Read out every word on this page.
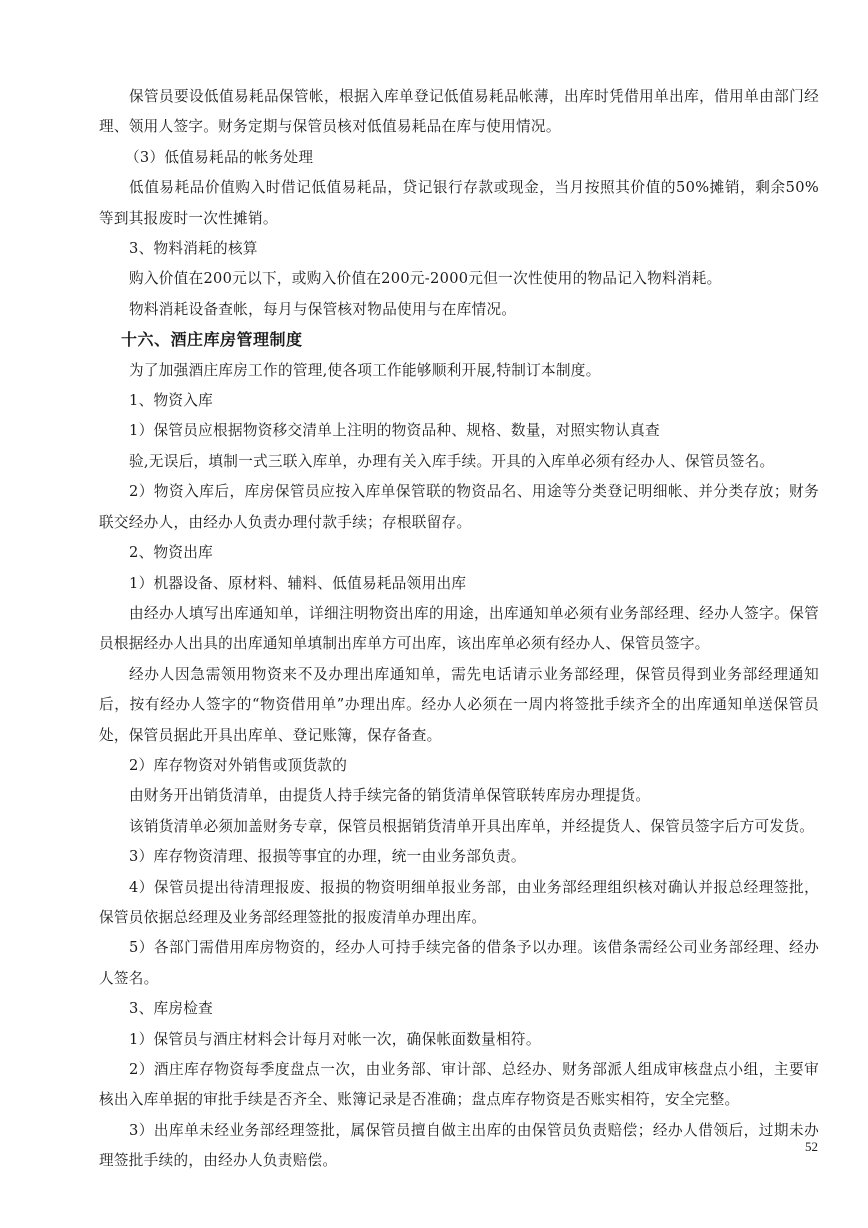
保管员要设低值易耗品保管帐，根据入库单登记低值易耗品帐薄，出库时凭借用单出库，借用单由部门经理、领用人签字。财务定期与保管员核对低值易耗品在库与使用情况。

（3）低值易耗品的帐务处理

低值易耗品价值购入时借记低值易耗品，贷记银行存款或现金，当月按照其价值的50%摊销，剩余50%等到其报废时一次性摊销。

3、物料消耗的核算

购入价值在200元以下，或购入价值在200元-2000元但一次性使用的物品记入物料消耗。

物料消耗设备查帐，每月与保管核对物品使用与在库情况。

十六、酒庄库房管理制度

为了加强酒庄库房工作的管理,使各项工作能够顺利开展,特制订本制度。

1、物资入库

1）保管员应根据物资移交清单上注明的物资品种、规格、数量，对照实物认真查

验,无误后，填制一式三联入库单，办理有关入库手续。开具的入库单必须有经办人、保管员签名。

2）物资入库后，库房保管员应按入库单保管联的物资品名、用途等分类登记明细帐、并分类存放；财务联交经办人，由经办人负责办理付款手续；存根联留存。

2、物资出库

1）机器设备、原材料、辅料、低值易耗品领用出库

由经办人填写出库通知单，详细注明物资出库的用途，出库通知单必须有业务部经理、经办人签字。保管员根据经办人出具的出库通知单填制出库单方可出库，该出库单必须有经办人、保管员签字。

经办人因急需领用物资来不及办理出库通知单，需先电话请示业务部经理，保管员得到业务部经理通知后，按有经办人签字的“物资借用单”办理出库。经办人必须在一周内将签批手续齐全的出库通知单送保管员处，保管员据此开具出库单、登记账簿，保存备查。

2）库存物资对外销售或顶货款的

由财务开出销货清单，由提货人持手续完备的销货清单保管联转库房办理提货。

该销货清单必须加盖财务专章，保管员根据销货清单开具出库单，并经提货人、保管员签字后方可发货。

3）库存物资清理、报损等事宜的办理，统一由业务部负责。

4）保管员提出待清理报废、报损的物资明细单报业务部，由业务部经理组织核对确认并报总经理签批，保管员依据总经理及业务部经理签批的报废清单办理出库。

5）各部门需借用库房物资的，经办人可持手续完备的借条予以办理。该借条需经公司业务部经理、经办人签名。

3、库房检查

1）保管员与酒庄材料会计每月对帐一次，确保帐面数量相符。

2）酒庄库存物资每季度盘点一次，由业务部、审计部、总经办、财务部派人组成审核盘点小组，主要审核出入库单据的审批手续是否齐全、账簿记录是否准确；盘点库存物资是否账实相符，安全完整。

3）出库单未经业务部经理签批，属保管员擅自做主出库的由保管员负责赔偿；经办人借领后，过期未办理签批手续的，由经办人负责赔偿。

52
